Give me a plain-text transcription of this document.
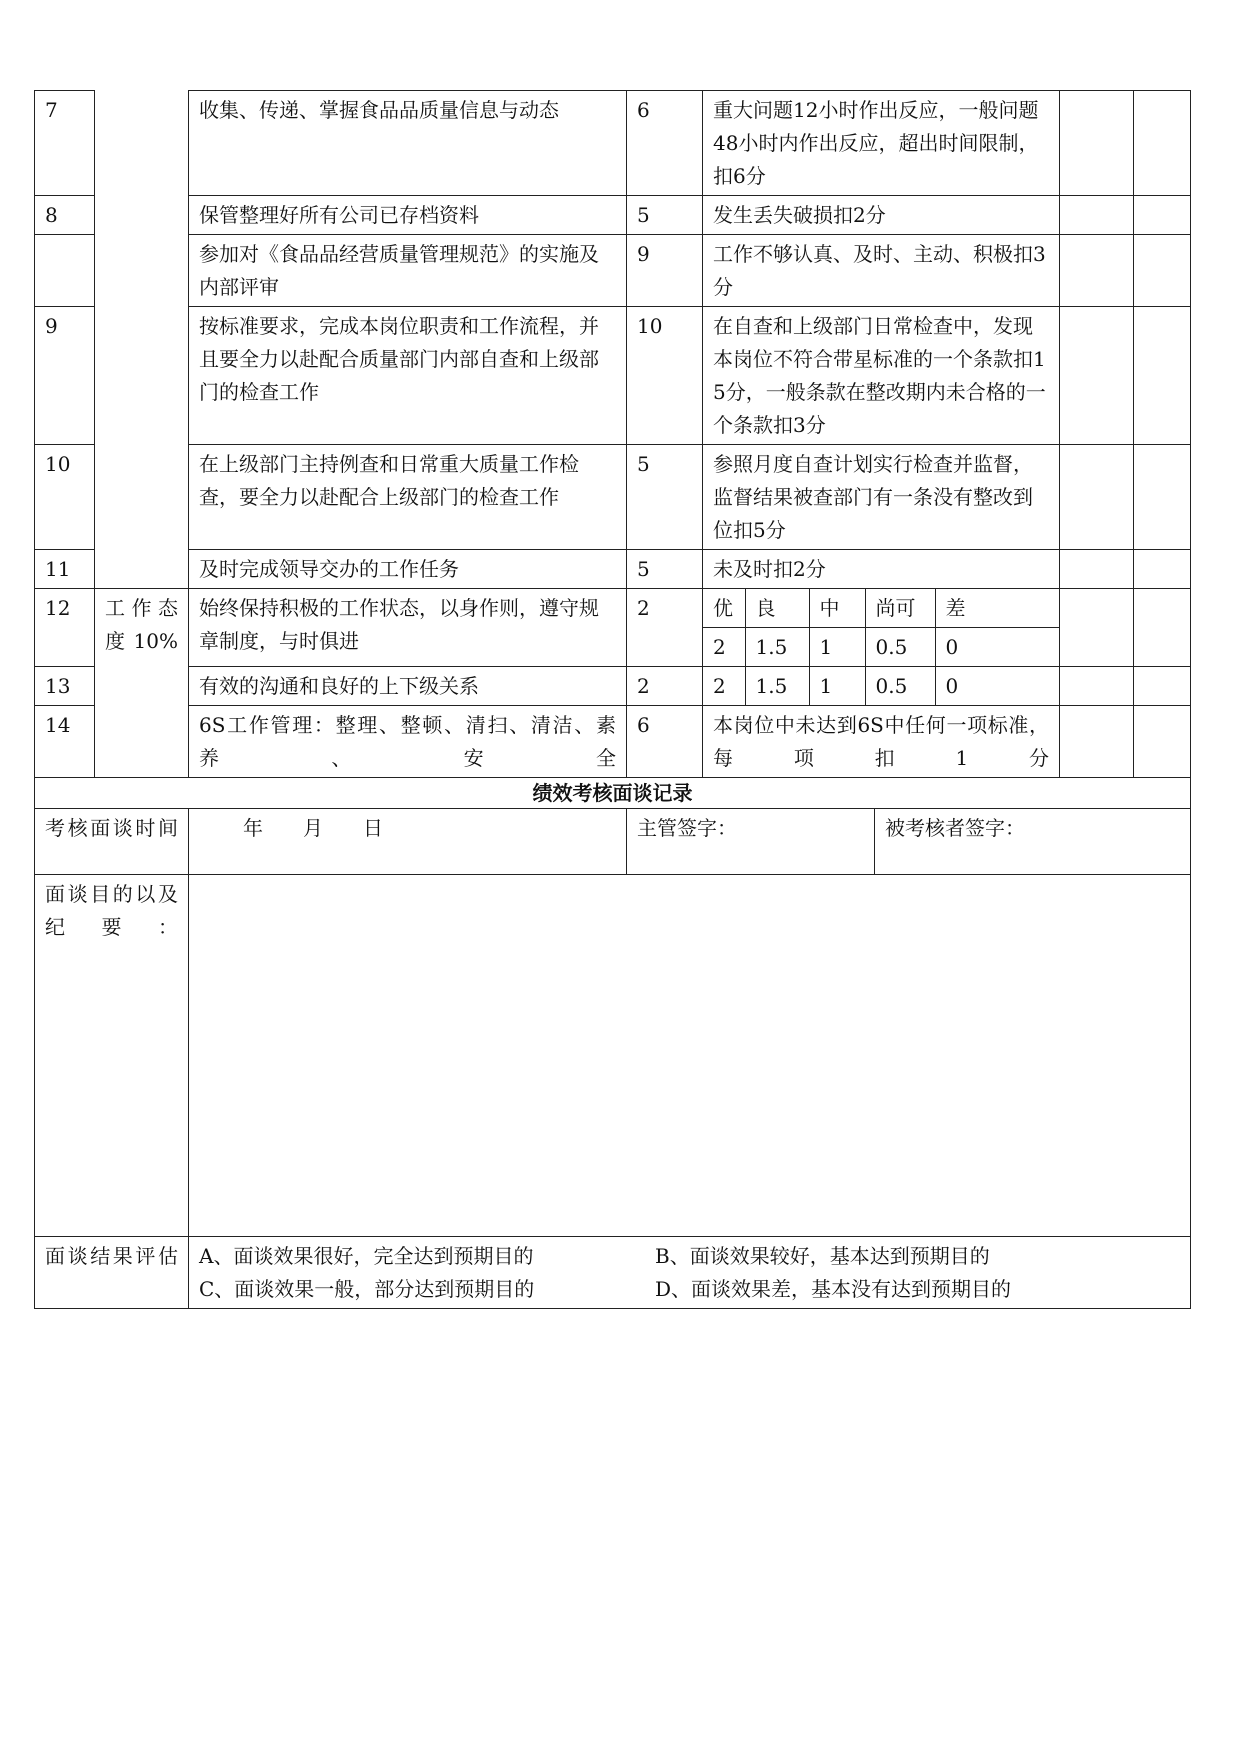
7		收集、传递、掌握食品品质量信息与动态	6	重大问题12小时作出反应，一般问题48小时内作出反应，超出时间限制，扣6分		
8	保管整理好所有公司已存档资料	5	发生丢失破损扣2分		
	参加对《食品品经营质量管理规范》的实施及内部评审	9	工作不够认真、及时、主动、积极扣3分		
9	按标准要求，完成本岗位职责和工作流程，并且要全力以赴配合质量部门内部自查和上级部门的检查工作	10	在自查和上级部门日常检查中，发现本岗位不符合带星标准的一个条款扣15分，一般条款在整改期内未合格的一个条款扣3分		
10	在上级部门主持例查和日常重大质量工作检查，要全力以赴配合上级部门的检查工作	5	参照月度自查计划实行检查并监督，监督结果被查部门有一条没有整改到位扣5分		
11	及时完成领导交办的工作任务	5	未及时扣2分		
12	工作态度10%	始终保持积极的工作状态，以身作则，遵守规章制度，与时俱进	2		优	良	中	尚可	差
2	1.5	1	0.5	0

13	有效的沟通和良好的上下级关系	2		2	1.5	1	0.5	0

14	6S工作管理：整理、整顿、清扫、清洁、素养、安全	6	本岗位中未达到6S中任何一项标准，每项扣1分		
绩效考核面谈记录
考核面谈时间	年　　月　　日	主管签字：	被考核者签字：
面谈目的以及纪要：			
面谈结果评估	A、面谈效果很好，完全达到预期目的 B、面谈效果较好，基本达到预期目的
C、面谈效果一般，部分达到预期目的 D、面谈效果差，基本没有达到预期目的		
